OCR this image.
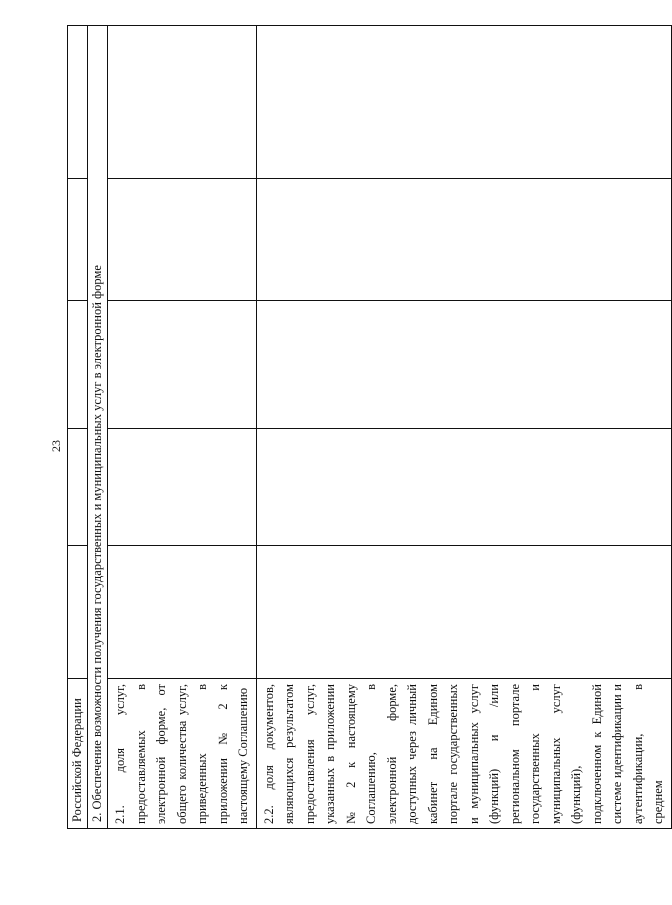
23
Российской Федерации					
2. Обеспечение возможности получения государственных и муниципальных услуг в электронной форме					
2.1. доля услуг, предоставляемых в электронной форме, от общего количества услуг, приведенных в приложении № 2 к настоящему Соглашению					
2.2. доля документов, являющихся результатом предоставления услуг, указанных в приложении № 2 к настоящему Соглашению, в электронной форме, доступных через личный кабинет на Едином портале государственных и муниципальных услуг (функций) и /или региональном портале государственных и муниципальных услуг (функций), подключенном к Единой системе идентификации и аутентификации, в среднем					
